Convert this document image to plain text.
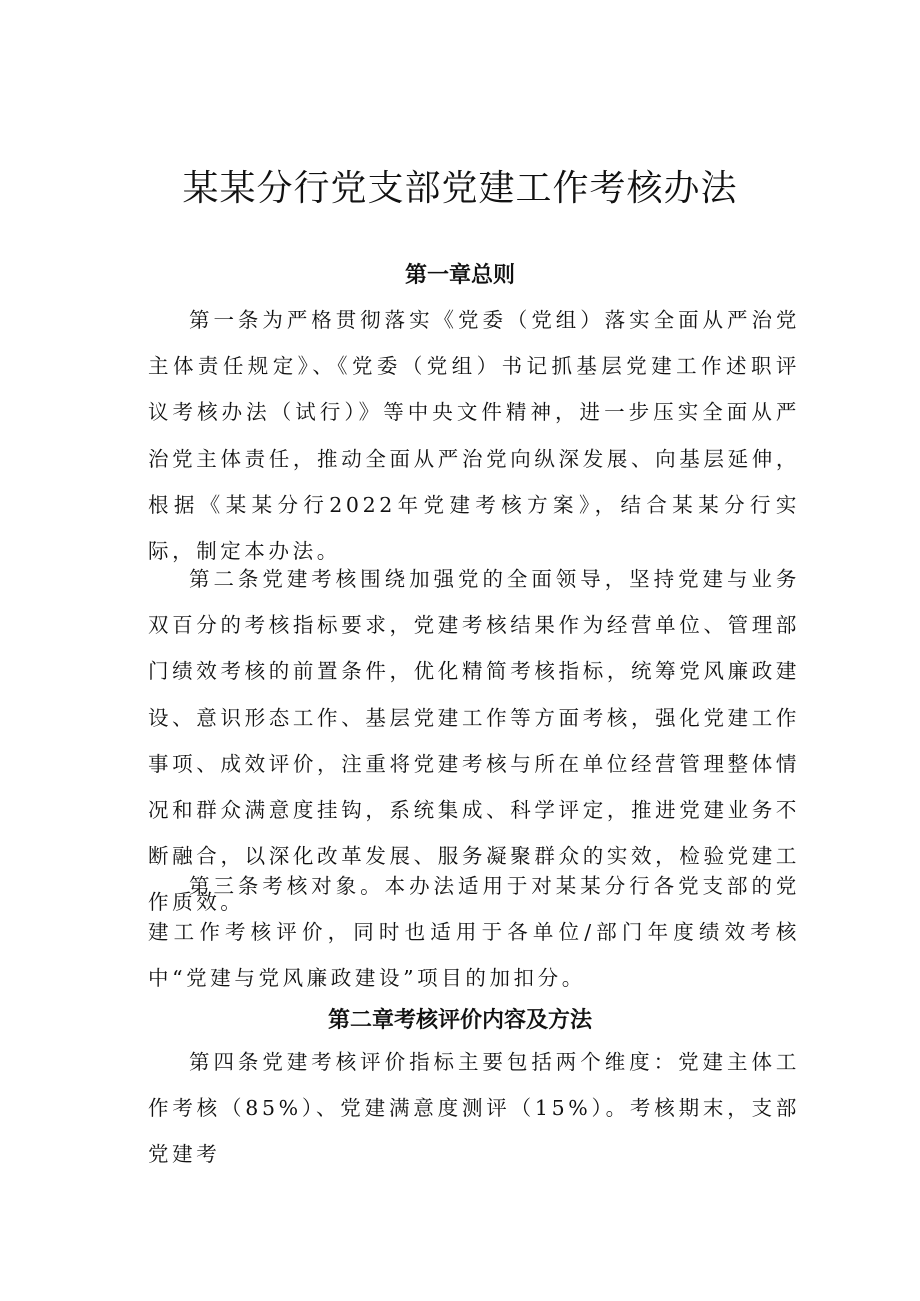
某某分行党支部党建工作考核办法
第一章总则

第一条为严格贯彻落实《党委（党组）落实全面从严治党主体责任规定》、《党委（党组）书记抓基层党建工作述职评议考核办法（试行）》等中央文件精神，进一步压实全面从严治党主体责任，推动全面从严治党向纵深发展、向基层延伸，根据《某某分行2022年党建考核方案》，结合某某分行实际，制定本办法。

第二条党建考核围绕加强党的全面领导，坚持党建与业务双百分的考核指标要求，党建考核结果作为经营单位、管理部门绩效考核的前置条件，优化精简考核指标，统筹党风廉政建设、意识形态工作、基层党建工作等方面考核，强化党建工作事项、成效评价，注重将党建考核与所在单位经营管理整体情况和群众满意度挂钩，系统集成、科学评定，推进党建业务不断融合，以深化改革发展、服务凝聚群众的实效，检验党建工作质效。

第三条考核对象。本办法适用于对某某分行各党支部的党建工作考核评价，同时也适用于各单位/部门年度绩效考核中“党建与党风廉政建设”项目的加扣分。

第二章考核评价内容及方法

第四条党建考核评价指标主要包括两个维度：党建主体工作考核（85%）、党建满意度测评（15%）。考核期末，支部党建考
